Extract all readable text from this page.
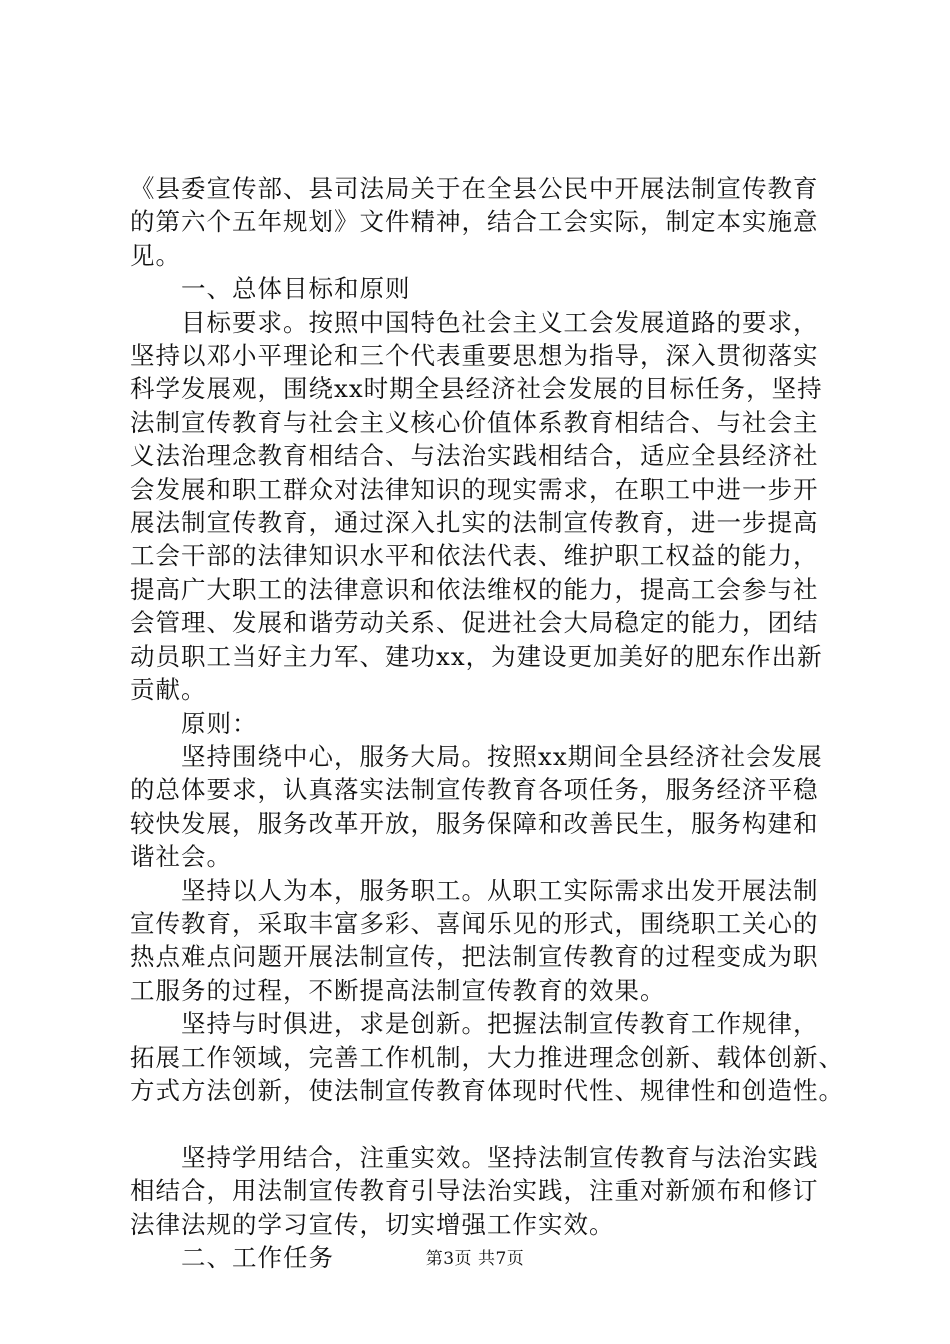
《县委宣传部、县司法局关于在全县公民中开展法制宣传教育
的第六个五年规划》文件精神，结合工会实际，制定本实施意
见。
　　一、总体目标和原则
　　目标要求。按照中国特色社会主义工会发展道路的要求，
坚持以邓小平理论和三个代表重要思想为指导，深入贯彻落实
科学发展观，围绕xx时期全县经济社会发展的目标任务，坚持
法制宣传教育与社会主义核心价值体系教育相结合、与社会主
义法治理念教育相结合、与法治实践相结合，适应全县经济社
会发展和职工群众对法律知识的现实需求，在职工中进一步开
展法制宣传教育，通过深入扎实的法制宣传教育，进一步提高
工会干部的法律知识水平和依法代表、维护职工权益的能力，
提高广大职工的法律意识和依法维权的能力，提高工会参与社
会管理、发展和谐劳动关系、促进社会大局稳定的能力，团结
动员职工当好主力军、建功xx，为建设更加美好的肥东作出新
贡献。
　　原则：
　　坚持围绕中心，服务大局。按照xx期间全县经济社会发展
的总体要求，认真落实法制宣传教育各项任务，服务经济平稳
较快发展，服务改革开放，服务保障和改善民生，服务构建和
谐社会。
　　坚持以人为本，服务职工。从职工实际需求出发开展法制
宣传教育，采取丰富多彩、喜闻乐见的形式，围绕职工关心的
热点难点问题开展法制宣传，把法制宣传教育的过程变成为职
工服务的过程，不断提高法制宣传教育的效果。
　　坚持与时俱进，求是创新。把握法制宣传教育工作规律，
拓展工作领域，完善工作机制，大力推进理念创新、载体创新、
方式方法创新，使法制宣传教育体现时代性、规律性和创造性。
　　坚持学用结合，注重实效。坚持法制宣传教育与法治实践
相结合，用法制宣传教育引导法治实践，注重对新颁布和修订
法律法规的学习宣传，切实增强工作实效。
　　二、工作任务	第3页 共7页
